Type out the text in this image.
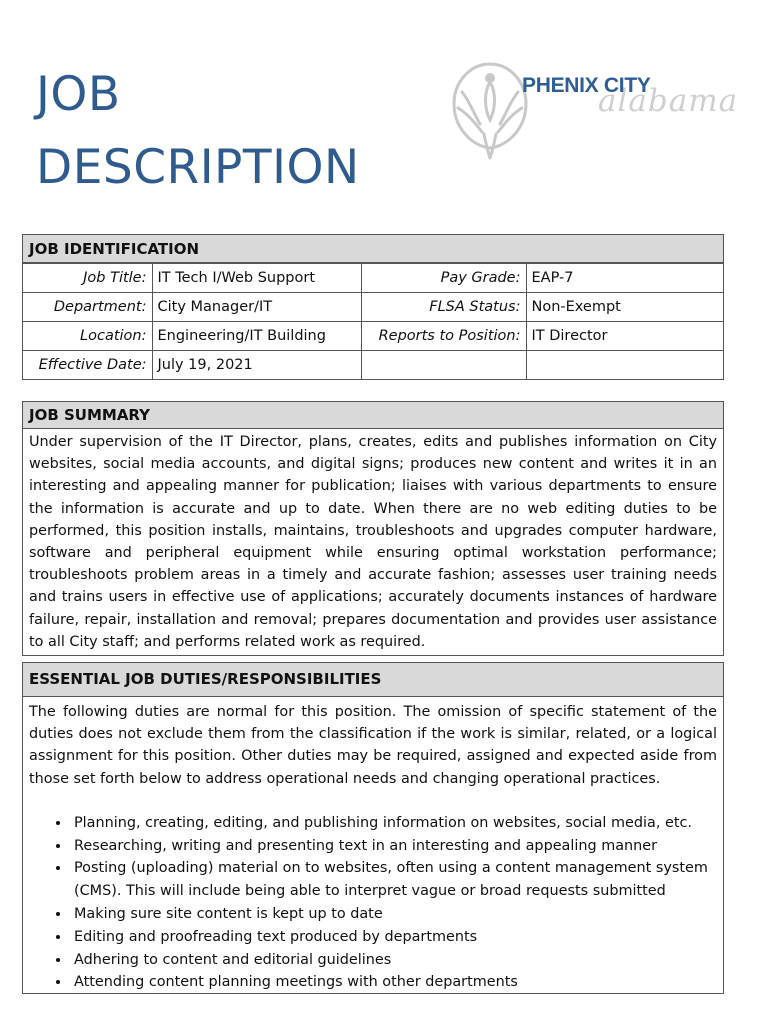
JOB
DESCRIPTION
alabama
PHENIX CITY
JOB IDENTIFICATION
Job Title:	IT Tech I/Web Support	Pay Grade:	EAP-7
Department:	City Manager/IT	FLSA Status:	Non-Exempt
Location:	Engineering/IT Building	Reports to Position:	IT Director
Effective Date:	July 19, 2021		
JOB SUMMARY

Under supervision of the IT Director, plans, creates, edits and publishes information on City websites, social media accounts, and digital signs; produces new content and writes it in an interesting and appealing manner for publication; liaises with various departments to ensure the information is accurate and up to date. When there are no web editing duties to be performed, this position installs, maintains, troubleshoots and upgrades computer hardware, software and peripheral equipment while ensuring optimal workstation performance; troubleshoots problem areas in a timely and accurate fashion; assesses user training needs and trains users in effective use of applications; accurately documents instances of hardware failure, repair, installation and removal; prepares documentation and provides user assistance to all City staff; and performs related work as required.

ESSENTIAL JOB DUTIES/RESPONSIBILITIES

The following duties are normal for this position. The omission of specific statement of the duties does not exclude them from the classification if the work is similar, related, or a logical assignment for this position. Other duties may be required, assigned and expected aside from those set forth below to address operational needs and changing operational practices.

• Planning, creating, editing, and publishing information on websites, social media, etc.
• Researching, writing and presenting text in an interesting and appealing manner
• Posting (uploading) material on to websites, often using a content management system (CMS). This will include being able to interpret vague or broad requests submitted
• Making sure site content is kept up to date
• Editing and proofreading text produced by departments
• Adhering to content and editorial guidelines
• Attending content planning meetings with other departments
